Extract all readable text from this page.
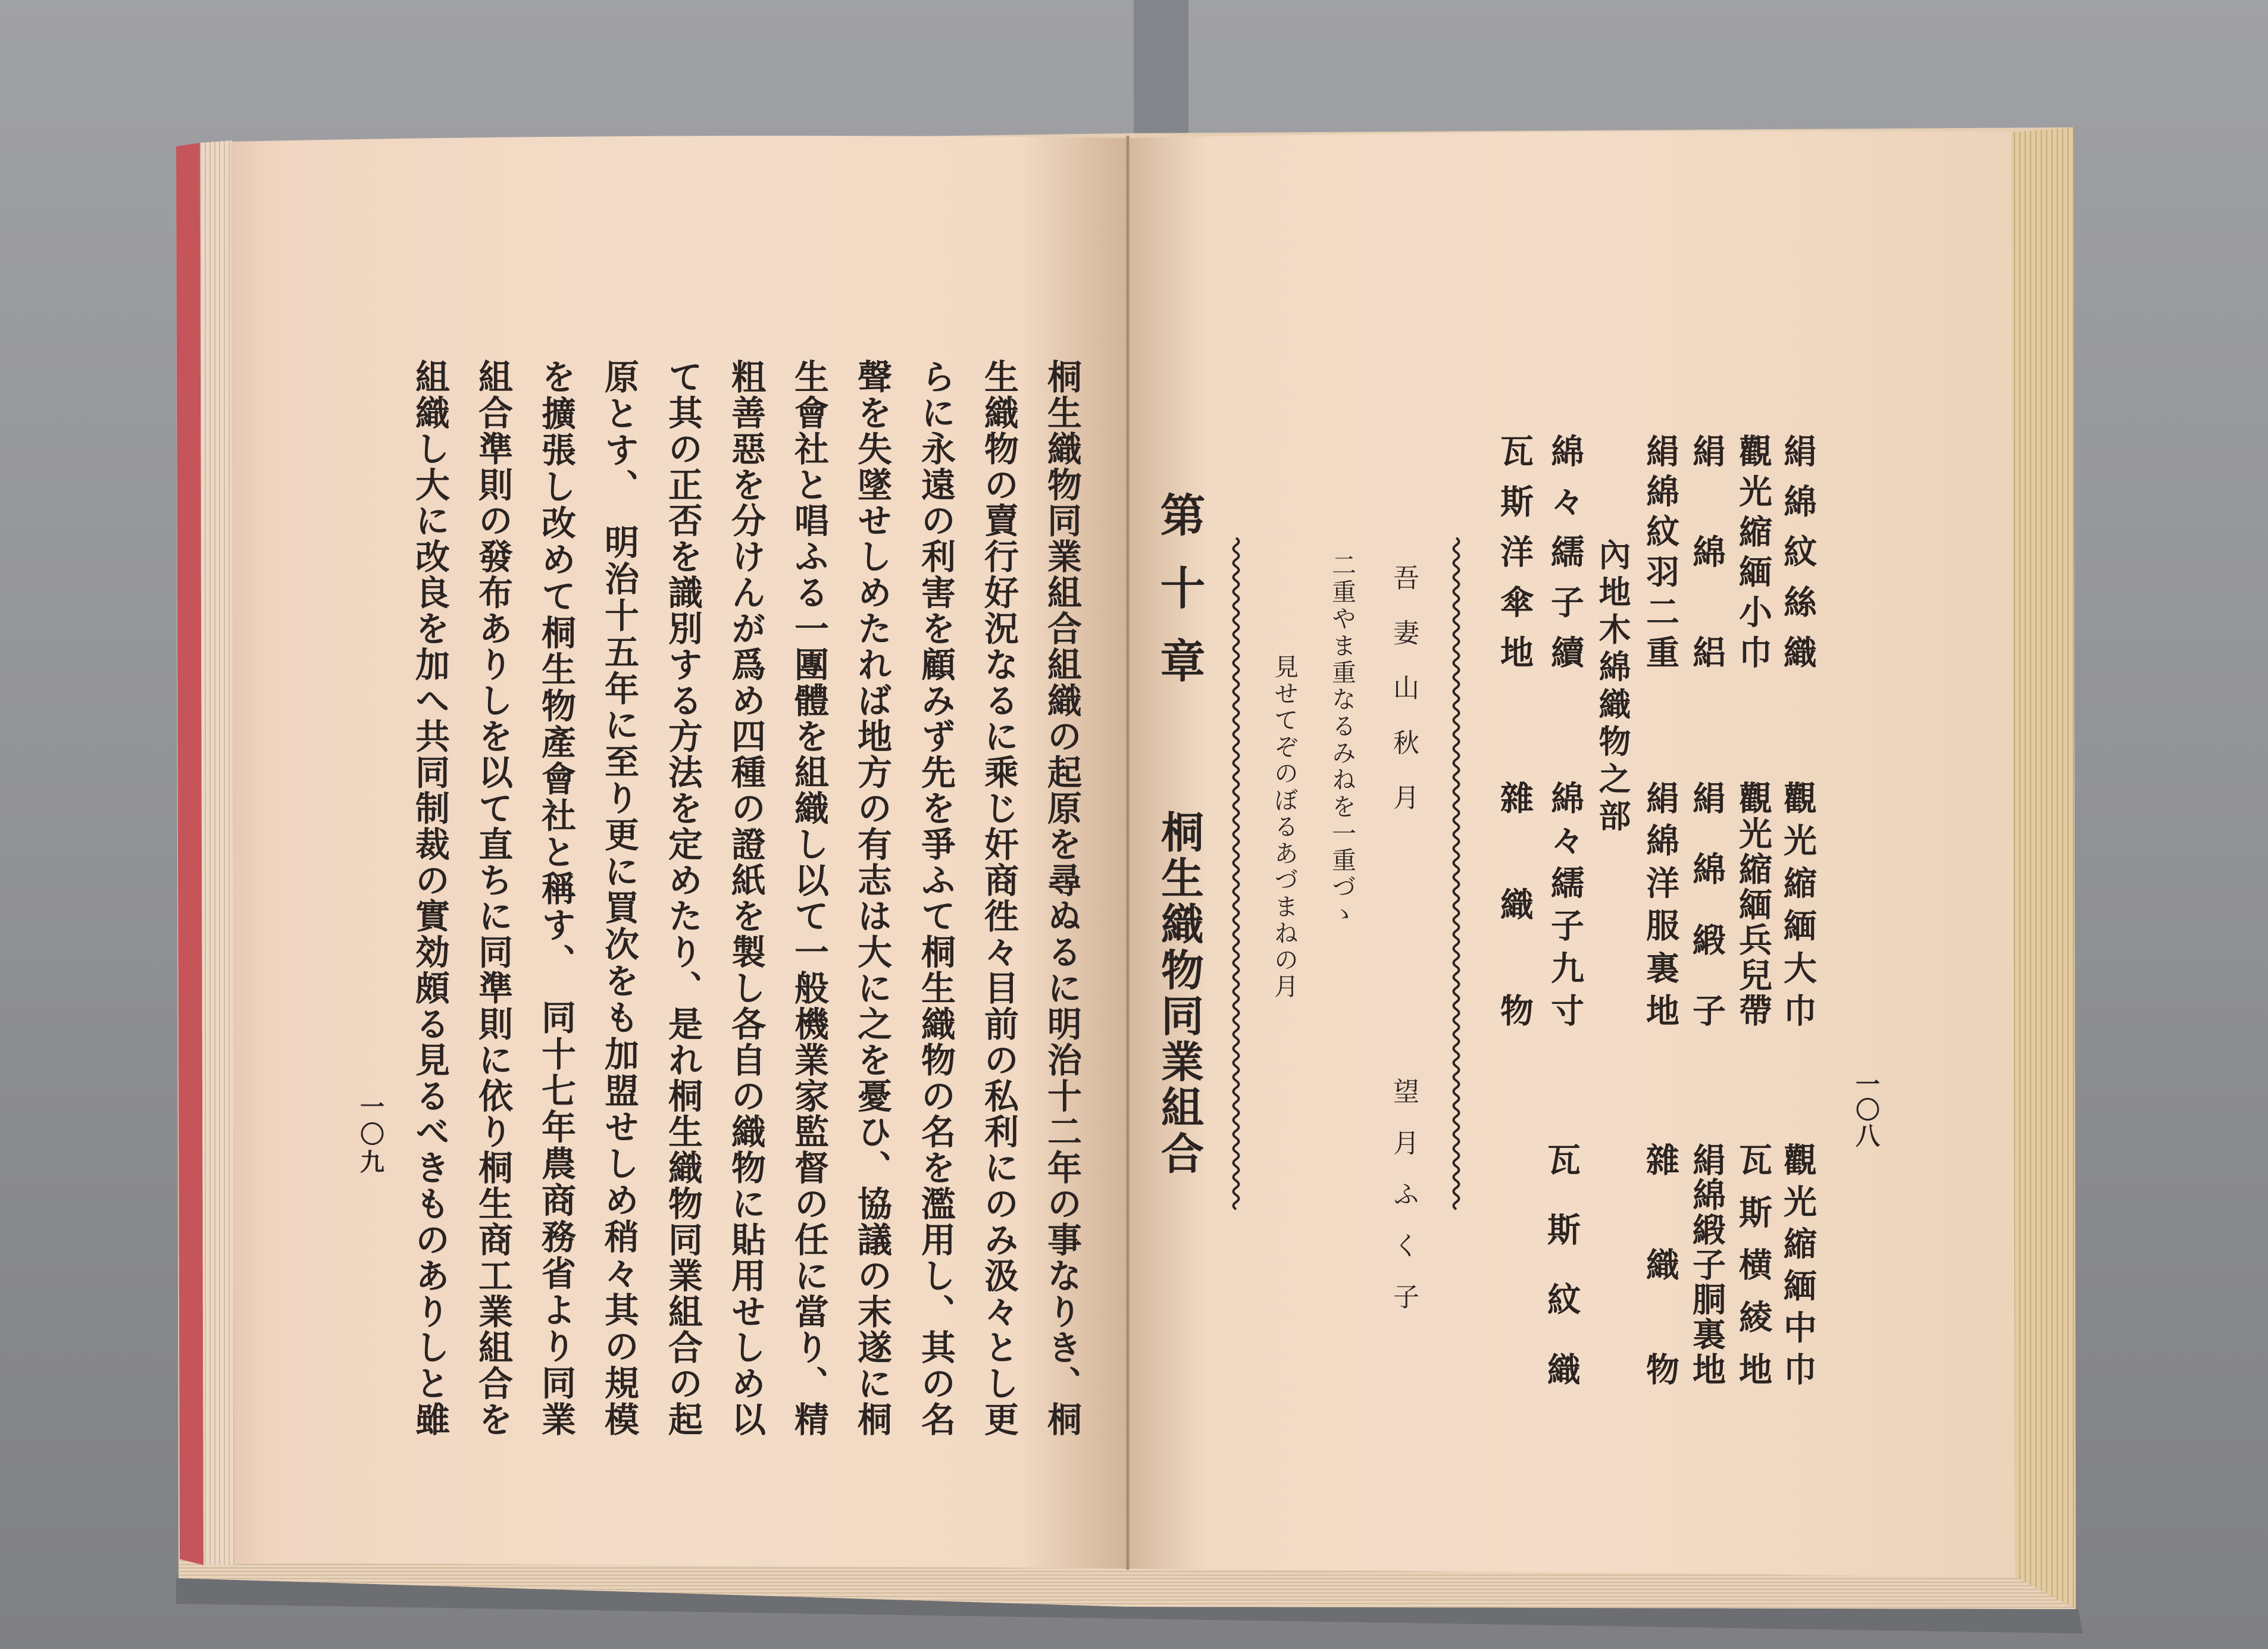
桐生織物同業組合組織の起原を尋ぬるに明治十二年の事なりき、桐
生織物の賣行好況なるに乘じ奸商徃々目前の私利にのみ汲々とし更
らに永遠の利害を顧みず先を爭ふて桐生織物の名を濫用し、其の名
聲を失墜せしめたれば地方の有志は大に之を憂ひ、協議の末遂に桐
生會社と唱ふる一團體を組織し以て一般機業家監督の任に當り、精
粗善惡を分けんが爲め四種の證紙を製し各自の織物に貼用せしめ以
て其の正否を識別する方法を定めたり、是れ桐生織物同業組合の起
原とす、　明治十五年に至り更に買次をも加盟せしめ稍々其の規模
を擴張し改めて桐生物產會社と稱す、　同十七年農商務省より同業
組合準則の發布ありしを以て直ちに同準則に依り桐生商工業組合を
組織し大に改良を加へ共同制裁の實効頗る見るべきものありしと雖
一〇九	一〇八
絹綿紋絲織
觀光縮緬大巾
觀光縮緬中巾
觀光縮緬小巾
觀光縮緬兵兒帶
瓦斯横綾地
絹綿絽
絹綿緞子
絹綿緞子胴裏地
絹綿紋羽二重
絹綿洋服裏地
雜織物
內地木綿織物之部
綿々繻子續
綿々繻子九寸
瓦斯紋織
瓦斯洋傘地
雜織物
吾妻山秋月
望月ふく子
二重やま重なるみねを一重づゝ
見せてぞのぼるあづまねの月
第十章
桐生織物同業組合
